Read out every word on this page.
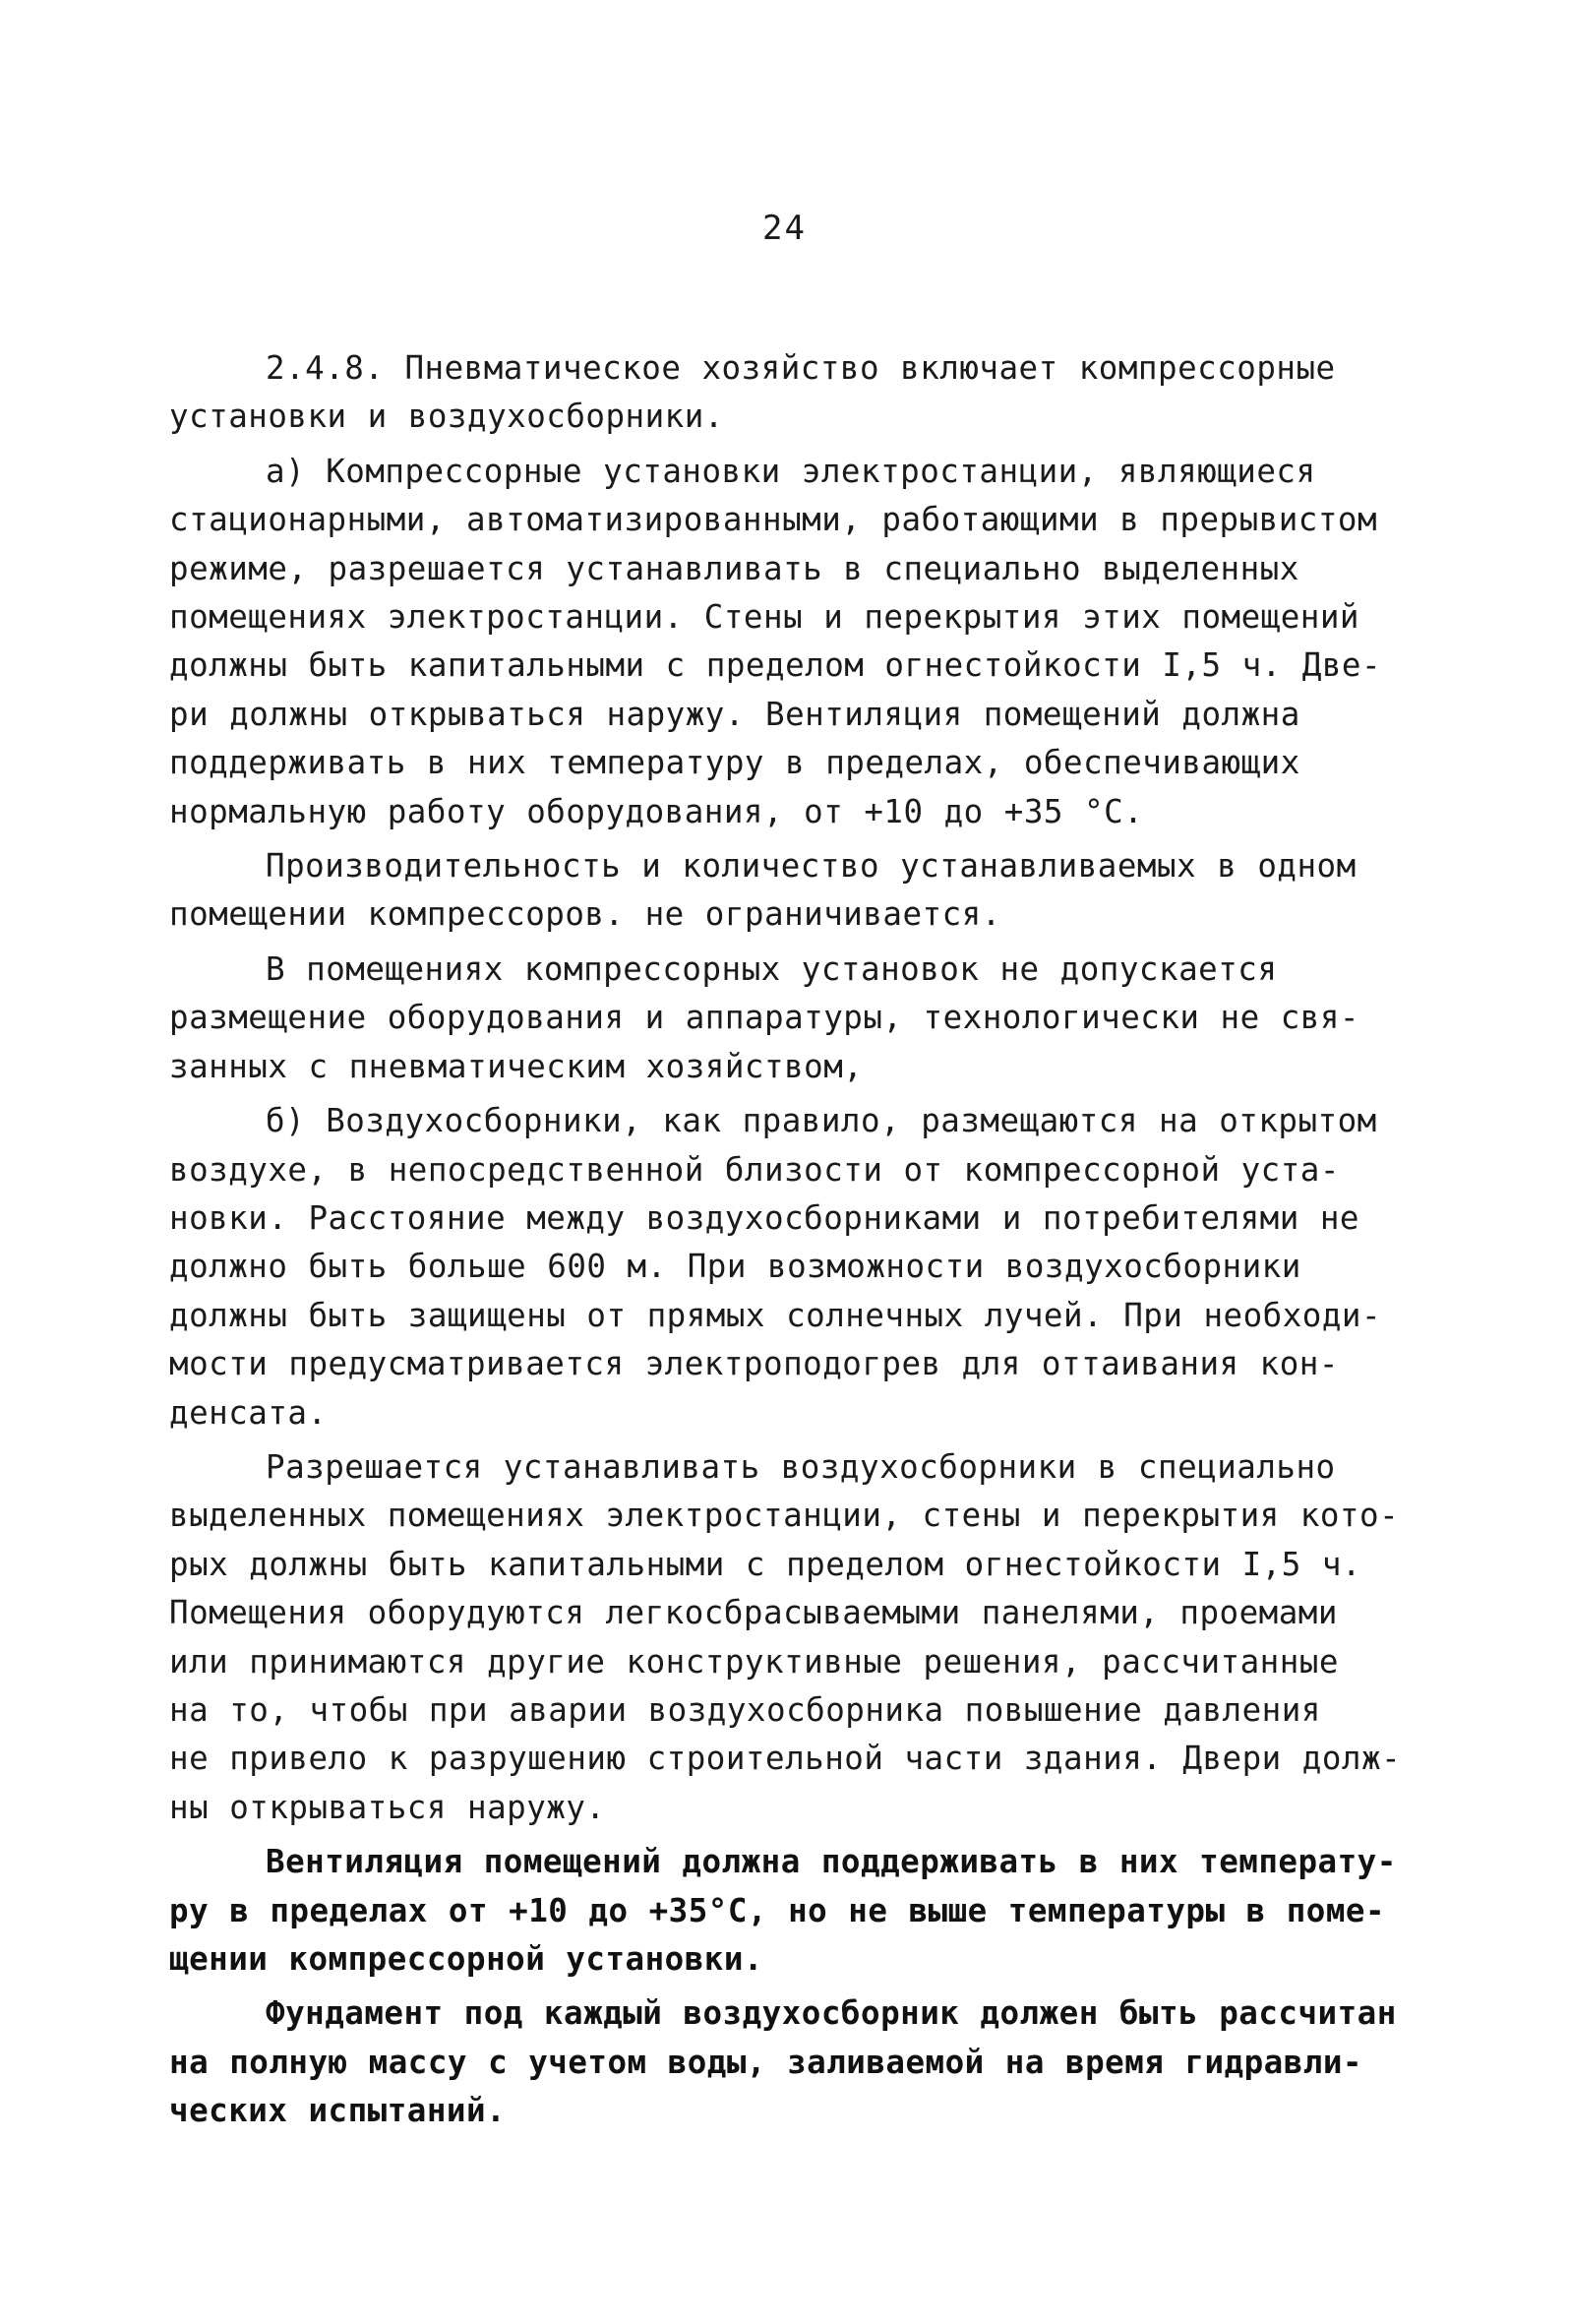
24

2.4.8. Пневматическое хозяйство включает компрессорные
установки и воздухосборники.

а) Компрессорные установки электростанции, являющиеся
стационарными, автоматизированными, работающими в прерывистом
режиме, разрешается устанавливать в специально выделенных
помещениях электростанции. Стены и перекрытия этих помещений
должны быть капитальными с пределом огнестойкости I,5 ч. Две-
ри должны открываться наружу. Вентиляция помещений должна
поддерживать в них температуру в пределах, обеспечивающих
нормальную работу оборудования, от +10 до +35 °С.

Производительность и количество устанавливаемых в одном
помещении компрессоров. не ограничивается.

В помещениях компрессорных установок не допускается
размещение оборудования и аппаратуры, технологически не свя-
занных с пневматическим хозяйством,

б) Воздухосборники, как правило, размещаются на открытом
воздухе, в непосредственной близости от компрессорной уста-
новки. Расстояние между воздухосборниками и потребителями не
должно быть больше 600 м. При возможности воздухосборники
должны быть защищены от прямых солнечных лучей. При необходи-
мости предусматривается электроподогрев для оттаивания кон-
денсата.

Разрешается устанавливать воздухосборники в специально
выделенных помещениях электростанции, стены и перекрытия кото-
рых должны быть капитальными с пределом огнестойкости I,5 ч.
Помещения оборудуются легкосбрасываемыми панелями, проемами
или принимаются другие конструктивные решения, рассчитанные
на то, чтобы при аварии воздухосборника повышение давления
не привело к разрушению строительной части здания. Двери долж-
ны открываться наружу.

Вентиляция помещений должна поддерживать в них температу-
ру в пределах от +10 до +35°С, но не выше температуры в поме-
щении компрессорной установки.

Фундамент под каждый воздухосборник должен быть рассчитан
на полную массу с учетом воды, заливаемой на время гидравли-
ческих испытаний.
